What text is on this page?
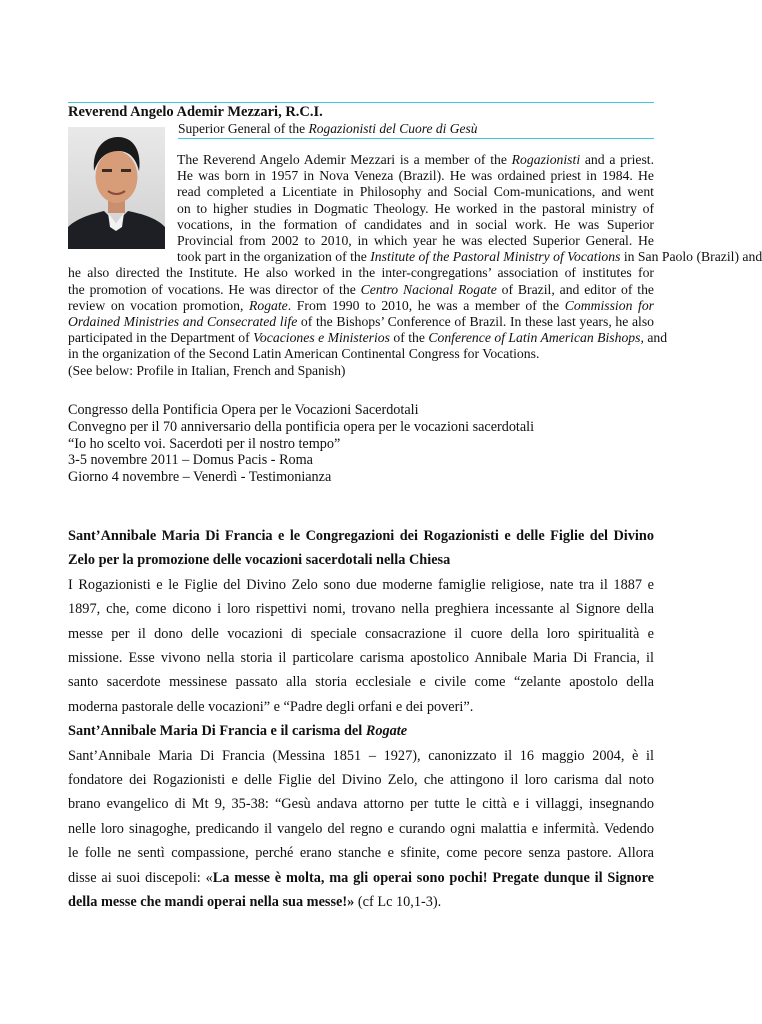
Reverend Angelo Ademir Mezzari, R.C.I.
Superior General of the Rogazionisti del Cuore di Gesù
The Reverend Angelo Ademir Mezzari is a member of the Rogazionisti and a priest.
He was born in 1957 in Nova Veneza (Brazil). He was ordained priest in 1984. He
read completed a Licentiate in Philosophy and Social Com-munications, and went
on to higher studies in Dogmatic Theology. He worked in the pastoral ministry of
vocations, in the formation of candidates and in social work. He was Superior
Provincial from 2002 to 2010, in which year he was elected Superior General. He
took part in the organization of the Institute of the Pastoral Ministry of Vocations in San Paolo (Brazil) and
he also directed the Institute. He also worked in the inter-congregations’ association of institutes for
the promotion of vocations. He was director of the Centro Nacional Rogate of Brazil, and editor of the
review on vocation promotion, Rogate. From 1990 to 2010, he was a member of the Commission for
Ordained Ministries and Consecrated life of the Bishops’ Conference of Brazil. In these last years, he also
participated in the Department of Vocaciones e Ministerios of the Conference of Latin American Bishops, and
in the organization of the Second Latin American Continental Congress for Vocations.
(See below: Profile in Italian, French and Spanish)
Congresso della Pontificia Opera per le Vocazioni Sacerdotali
Convegno per il 70 anniversario della pontificia opera per le vocazioni sacerdotali
“Io ho scelto voi. Sacerdoti per il nostro tempo”
3-5 novembre 2011 – Domus Pacis - Roma
Giorno 4 novembre – Venerdì - Testimonianza
Sant’Annibale Maria Di Francia e le Congregazioni dei Rogazionisti e delle Figlie del Divino
Zelo per la promozione delle vocazioni sacerdotali nella Chiesa
I Rogazionisti e le Figlie del Divino Zelo sono due moderne famiglie religiose, nate tra il 1887 e
1897, che, come dicono i loro rispettivi nomi, trovano nella preghiera incessante al Signore della
messe per il dono delle vocazioni di speciale consacrazione il cuore della loro spiritualità e
missione. Esse vivono nella storia il particolare carisma apostolico Annibale Maria Di Francia, il
santo sacerdote messinese passato alla storia ecclesiale e civile come “zelante apostolo della
moderna pastorale delle vocazioni” e “Padre degli orfani e dei poveri”.
Sant’Annibale Maria Di Francia e il carisma del Rogate
Sant’Annibale Maria Di Francia (Messina 1851 – 1927), canonizzato il 16 maggio 2004, è il
fondatore dei Rogazionisti e delle Figlie del Divino Zelo, che attingono il loro carisma dal noto
brano evangelico di Mt 9, 35-38: “Gesù andava attorno per tutte le città e i villaggi, insegnando
nelle loro sinagoghe, predicando il vangelo del regno e curando ogni malattia e infermità. Vedendo
le folle ne sentì compassione, perché erano stanche e sfinite, come pecore senza pastore. Allora
disse ai suoi discepoli: «La messe è molta, ma gli operai sono pochi! Pregate dunque il Signore
della messe che mandi operai nella sua messe!» (cf Lc 10,1-3).
